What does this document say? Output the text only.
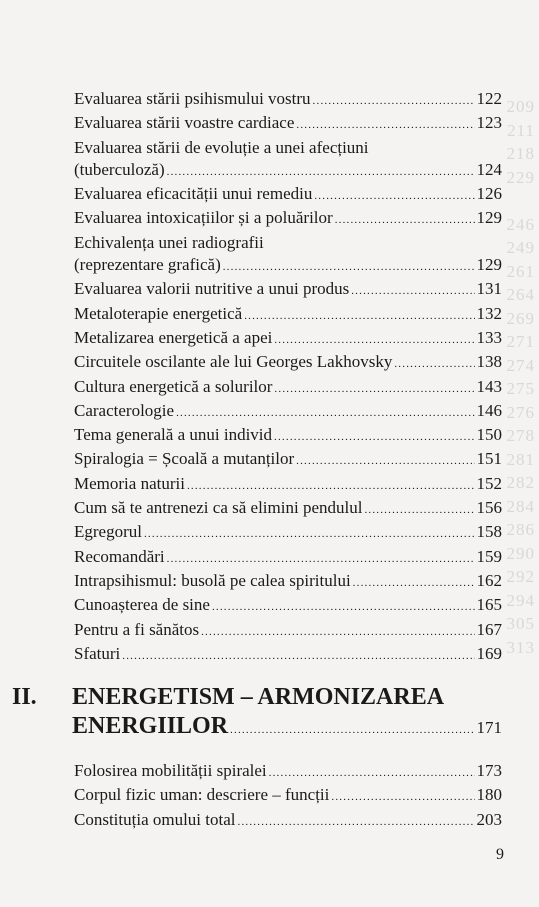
209
211
218
229

246
249
261
264
269
271
274
275
276
278
281
282
284
286
290
292
294
305
313
Evaluarea stării psihismului vostru .....	122
Evaluarea stării voastre cardiace .....	123
Evaluarea stării de evoluție a unei afecțiuni
(tuberculoză) .....	124
Evaluarea eficacității unui remediu .....	126
Evaluarea intoxicațiilor și a poluărilor .....	129
Echivalența unei radiografii
(reprezentare grafică) .....	129
Evaluarea valorii nutritive a unui produs .....	131
Metaloterapie energetică .....	132
Metalizarea energetică a apei .....	133
Circuitele oscilante ale lui Georges Lakhovsky .....	138
Cultura energetică a solurilor .....	143
Caracterologie .....	146
Tema generală a unui individ .....	150
Spiralogia = Școală a mutanților .....	151
Memoria naturii .....	152
Cum să te antrenezi ca să elimini pendulul .....	156
Egregorul .....	158
Recomandări .....	159
Intrapsihismul: busolă pe calea spiritului .....	162
Cunoașterea de sine .....	165
Pentru a fi sănătos .....	167
Sfaturi .....	169
II. ENERGETISM – ARMONIZAREA
ENERGIILOR .....	171
Folosirea mobilității spiralei .....	173
Corpul fizic uman: descriere – funcții .....	180
Constituția omului total .....	203
9
